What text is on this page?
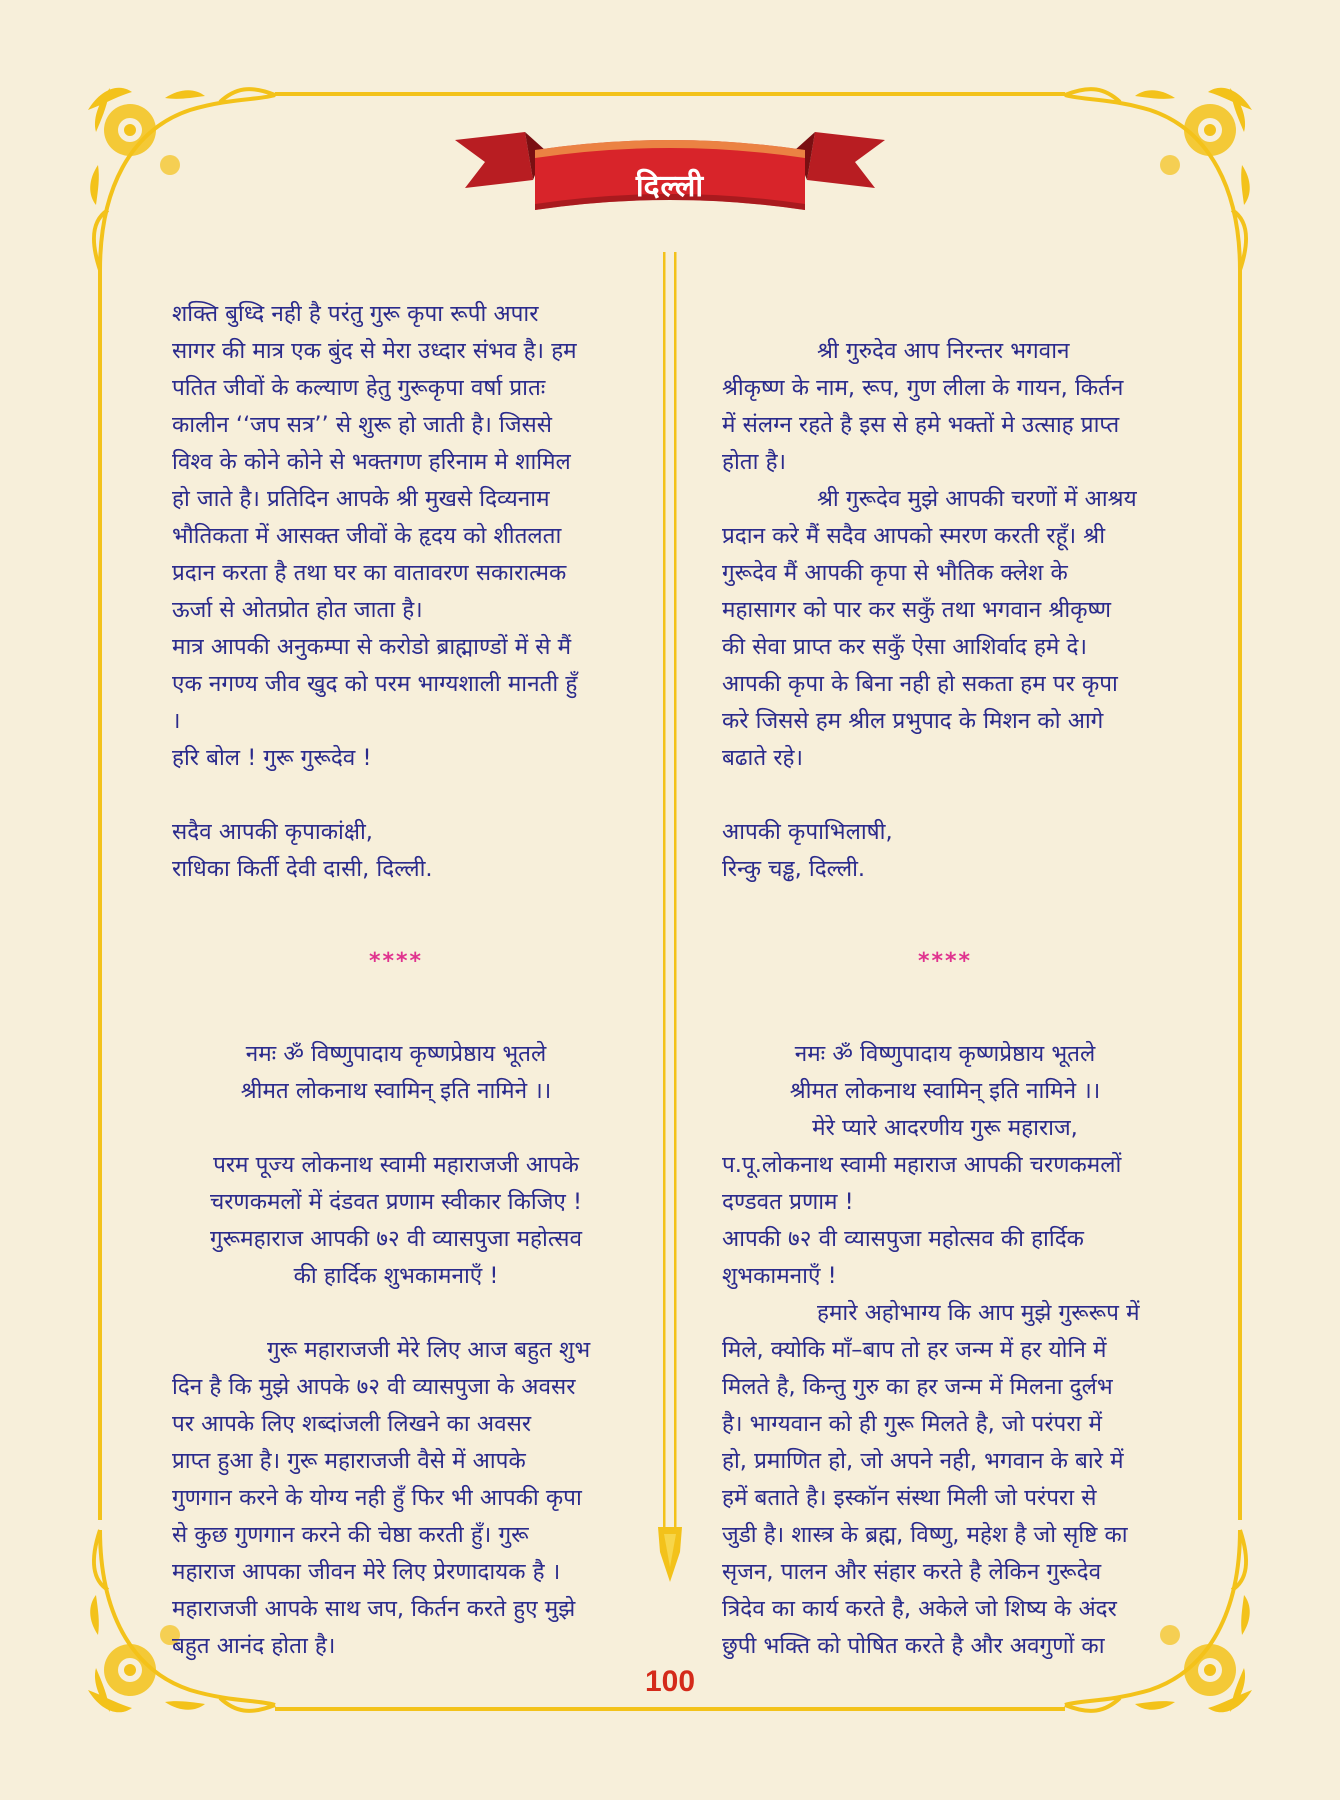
दिल्ली

शक्ति बुध्दि नही है परंतु गुरू कृपा रूपी अपार
सागर की मात्र एक बुंद से मेरा उध्दार संभव है। हम
पतित जीवों के कल्याण हेतु गुरूकृपा वर्षा प्रातः
कालीन ‘‘जप सत्र’’ से शुरू हो जाती है। जिससे
विश्व के कोने कोने से भक्तगण हरिनाम मे शामिल
हो जाते है। प्रतिदिन आपके श्री मुखसे दिव्यनाम
भौतिकता में आसक्त जीवों के हृदय को शीतलता
प्रदान करता है तथा घर का वातावरण सकारात्मक
ऊर्जा से ओतप्रोत होत जाता है।

मात्र आपकी अनुकम्पा से करोडो ब्राह्माण्डों में से मैं
एक नगण्य जीव खुद को परम भाग्यशाली मानती हुँ
।

हरि बोल ! गुरू गुरूदेव !

सदैव आपकी कृपाकांक्षी,

राधिका किर्ती देवी दासी, दिल्ली.

****

नमः ॐ विष्णुपादाय कृष्णप्रेष्ठाय भूतले

श्रीमत लोकनाथ स्वामिन् इति नामिने ।।

परम पूज्य लोकनाथ स्वामी महाराजजी आपके
चरणकमलों में दंडवत प्रणाम स्वीकार किजिए !
गुरूमहाराज आपकी ७२ वी व्यासपुजा महोत्सव
की हार्दिक शुभकामनाएँ !

गुरू महाराजजी मेरे लिए आज बहुत शुभ
दिन है कि मुझे आपके ७२ वी व्यासपुजा के अवसर
पर आपके लिए शब्दांजली लिखने का अवसर
प्राप्त हुआ है। गुरू महाराजजी वैसे में आपके
गुणगान करने के योग्य नही हुँ फिर भी आपकी कृपा
से कुछ गुणगान करने की चेष्ठा करती हुँ। गुरू
महाराज आपका जीवन मेरे लिए प्रेरणादायक है ।
महाराजजी आपके साथ जप, किर्तन करते हुए मुझे
बहुत आनंद होता है।

श्री गुरुदेव आप निरन्तर भगवान
श्रीकृष्ण के नाम, रूप, गुण लीला के गायन, किर्तन
में संलग्न रहते है इस से हमे भक्तों मे उत्साह प्राप्त
होता है।

श्री गुरूदेव मुझे आपकी चरणों में आश्रय
प्रदान करे मैं सदैव आपको स्मरण करती रहूँ। श्री
गुरूदेव मैं आपकी कृपा से भौतिक क्लेश के
महासागर को पार कर सकुँ तथा भगवान श्रीकृष्ण
की सेवा प्राप्त कर सकुँ ऐसा आशिर्वाद हमे दे।
आपकी कृपा के बिना नही हो सकता हम पर कृपा
करे जिससे हम श्रील प्रभुपाद के मिशन को आगे
बढाते रहे।

आपकी कृपाभिलाषी,

रिन्कु चड्ढ, दिल्ली.

****

नमः ॐ विष्णुपादाय कृष्णप्रेष्ठाय भूतले

श्रीमत लोकनाथ स्वामिन् इति नामिने ।।

मेरे प्यारे आदरणीय गुरू महाराज,

प.पू.लोकनाथ स्वामी महाराज आपकी चरणकमलों
दण्डवत प्रणाम !
आपकी ७२ वी व्यासपुजा महोत्सव की हार्दिक
शुभकामनाएँ !

हमारे अहोभाग्य कि आप मुझे गुरूरूप में
मिले, क्योकि माँ–बाप तो हर जन्म में हर योनि में
मिलते है, किन्तु गुरु का हर जन्म में मिलना दुर्लभ
है। भाग्यवान को ही गुरू मिलते है, जो परंपरा में
हो, प्रमाणित हो, जो अपने नही, भगवान के बारे में
हमें बताते है। इस्कॉन संस्था मिली जो परंपरा से
जुडी है। शास्त्र के ब्रह्म, विष्णु, महेश है जो सृष्टि का
सृजन, पालन और संहार करते है लेकिन गुरूदेव
त्रिदेव का कार्य करते है, अकेले जो शिष्य के अंदर
छुपी भक्ति को पोषित करते है और अवगुणों का

100
